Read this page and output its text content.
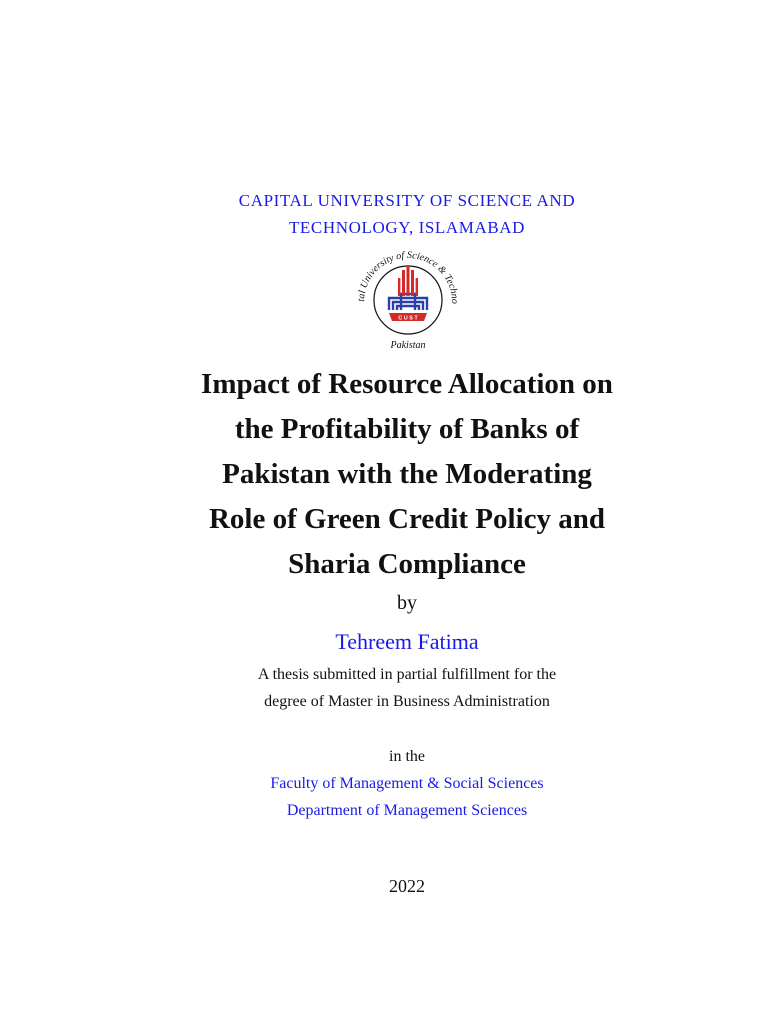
CAPITAL UNIVERSITY OF SCIENCE AND
TECHNOLOGY, ISLAMABAD
tal University of Science & Techno
Pakistan
C U S T
Impact of Resource Allocation on
the Profitability of Banks of
Pakistan with the Moderating
Role of Green Credit Policy and
Sharia Compliance
by
Tehreem Fatima
A thesis submitted in partial fulfillment for the
degree of Master in Business Administration
in the
Faculty of Management & Social Sciences
Department of Management Sciences
2022
